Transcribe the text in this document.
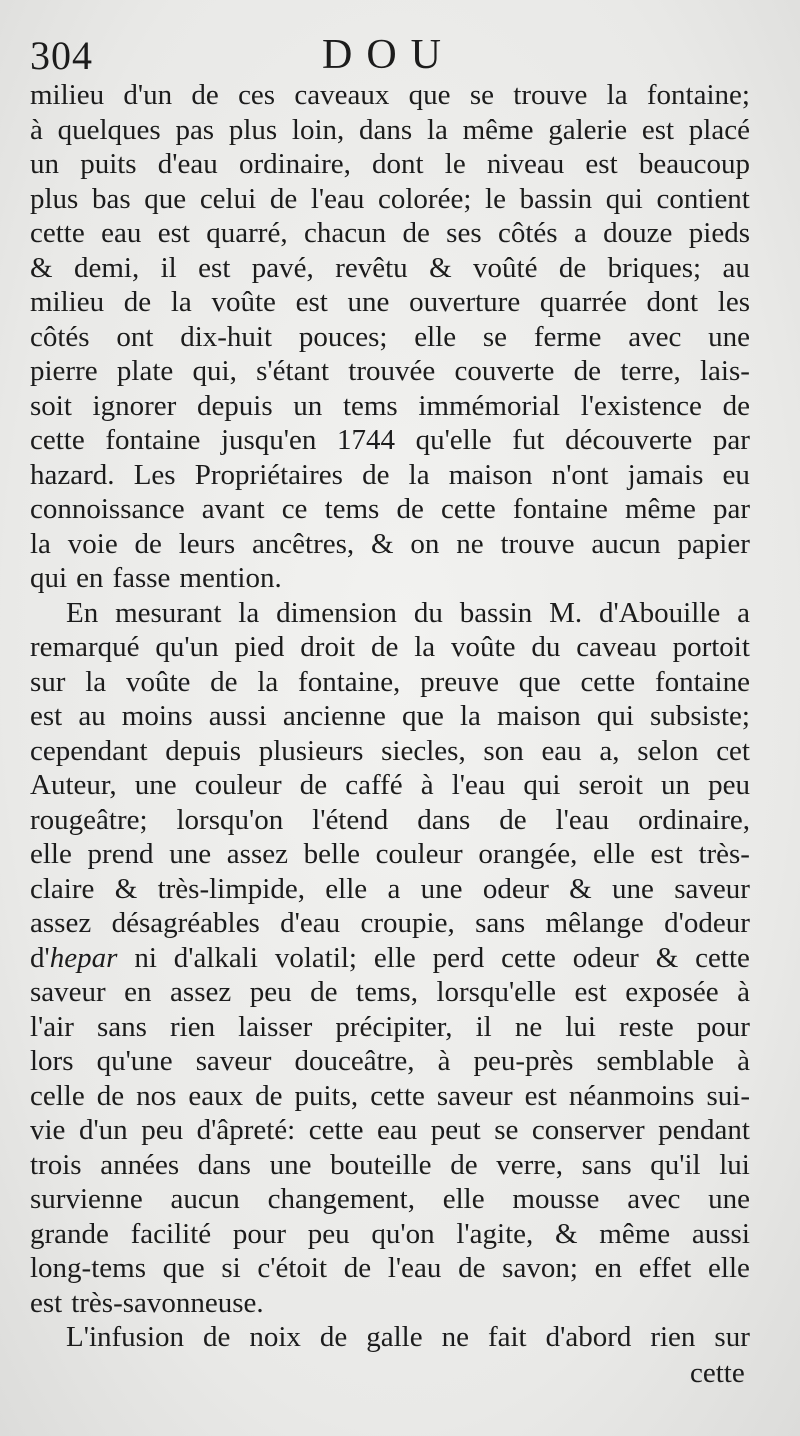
304	DOU
milieu d'un de ces caveaux que se trouve la fontaine;
à quelques pas plus loin, dans la même galerie est placé
un puits d'eau ordinaire, dont le niveau est beaucoup
plus bas que celui de l'eau colorée; le bassin qui contient
cette eau est quarré, chacun de ses côtés a douze pieds
& demi, il est pavé, revêtu & voûté de briques; au
milieu de la voûte est une ouverture quarrée dont les
côtés ont dix-huit pouces; elle se ferme avec une
pierre plate qui, s'étant trouvée couverte de terre, lais-
soit ignorer depuis un tems immémorial l'existence de
cette fontaine jusqu'en 1744 qu'elle fut découverte par
hazard. Les Propriétaires de la maison n'ont jamais eu
connoissance avant ce tems de cette fontaine même par
la voie de leurs ancêtres, & on ne trouve aucun papier
qui en fasse mention.
En mesurant la dimension du bassin M. d'Abouille a
remarqué qu'un pied droit de la voûte du caveau portoit
sur la voûte de la fontaine, preuve que cette fontaine
est au moins aussi ancienne que la maison qui subsiste;
cependant depuis plusieurs siecles, son eau a, selon cet
Auteur, une couleur de caffé à l'eau qui seroit un peu
rougeâtre; lorsqu'on l'étend dans de l'eau ordinaire,
elle prend une assez belle couleur orangée, elle est très-
claire & très-limpide, elle a une odeur & une saveur
assez désagréables d'eau croupie, sans mêlange d'odeur
d'hepar ni d'alkali volatil; elle perd cette odeur & cette
saveur en assez peu de tems, lorsqu'elle est exposée à
l'air sans rien laisser précipiter, il ne lui reste pour
lors qu'une saveur douceâtre, à peu-près semblable à
celle de nos eaux de puits, cette saveur est néanmoins sui-
vie d'un peu d'âpreté: cette eau peut se conserver pendant
trois années dans une bouteille de verre, sans qu'il lui
survienne aucun changement, elle mousse avec une
grande facilité pour peu qu'on l'agite, & même aussi
long-tems que si c'étoit de l'eau de savon; en effet elle
est très-savonneuse.
L'infusion de noix de galle ne fait d'abord rien sur
cette
